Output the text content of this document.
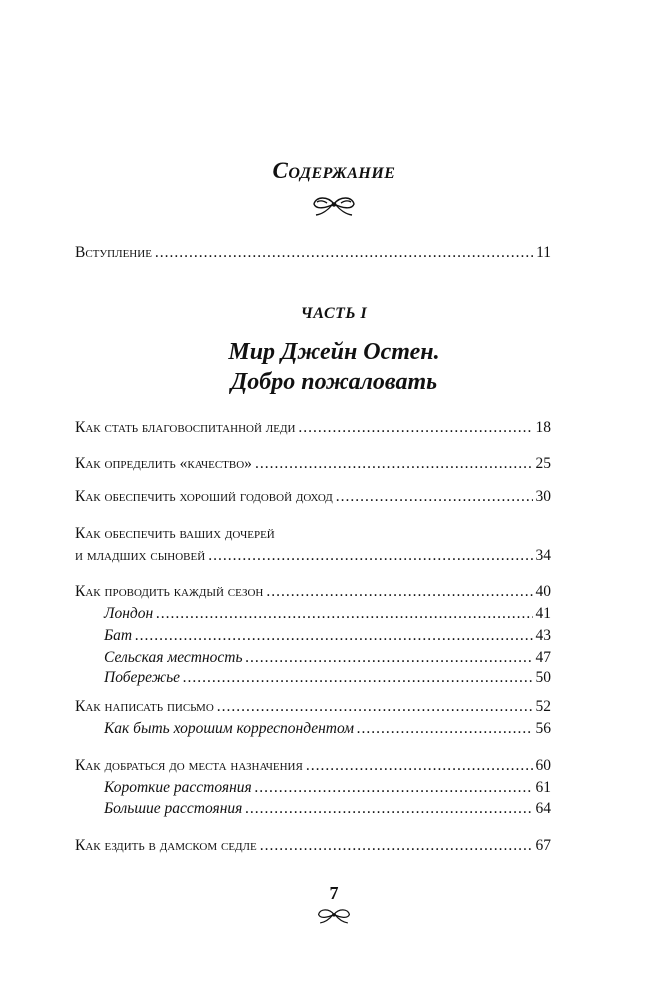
Содержание
Вступление .....	11
ЧАСТЬ I
Мир Джейн Остен.
Добро пожаловать
Как стать благовоспитанной леди .....	18
Как определить «качество» .....	25
Как обеспечить хороший годовой доход .....	30
Как обеспечить ваших дочерей
и младших сыновей .....	34
Как проводить каждый сезон .....	40
Лондон .....	41
Бат .....	43
Сельская местность .....	47
Побережье .....	50
Как написать письмо .....	52
Как быть хорошим корреспондентом .....	56
Как добраться до места назначения .....	60
Короткие расстояния .....	61
Большие расстояния .....	64
Как ездить в дамском седле .....	67
7
